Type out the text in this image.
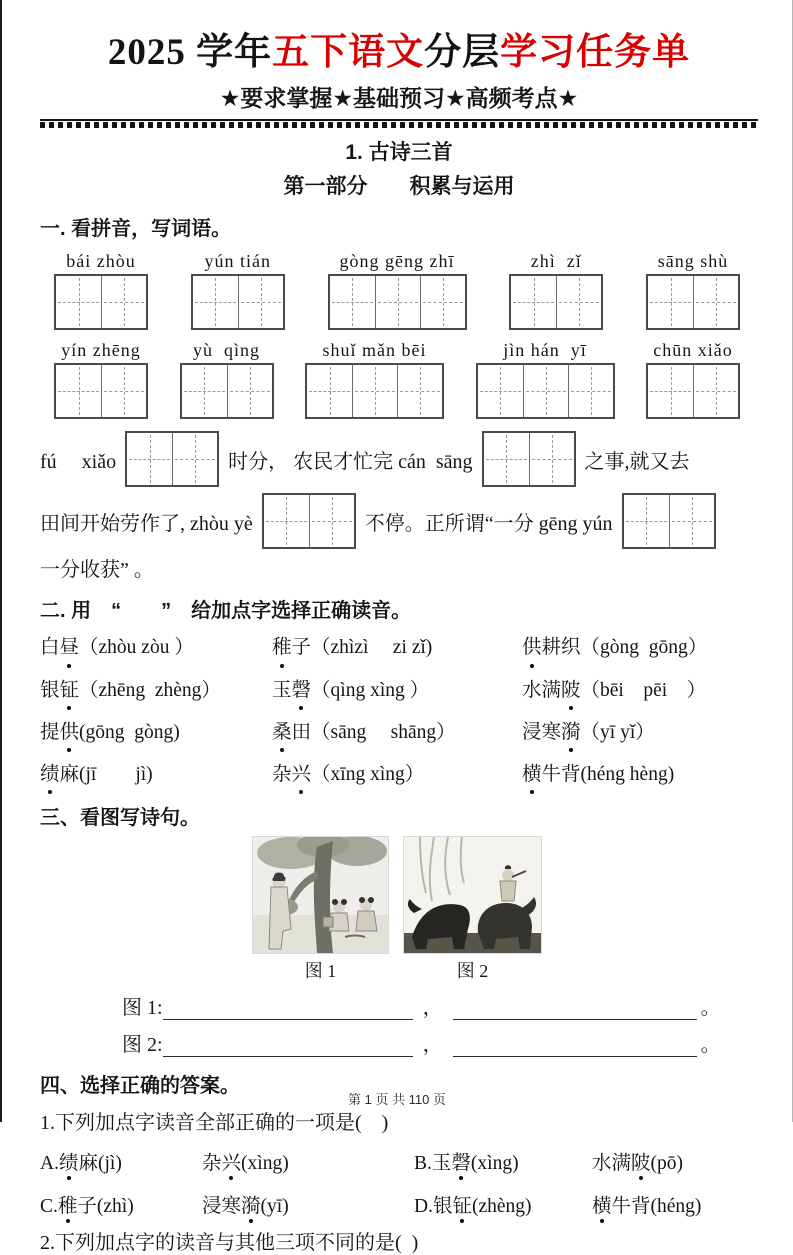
2025 学年五下语文分层学习任务单
★要求掌握★基础预习★高频考点★
1. 古诗三首
第一部分　　积累与运用
一. 看拼音，写词语。
bái zhòu	yún tián	gòng gēng zhī	zhì  zǐ	sāng shù
yín zhēng	yù  qìng	shuǐ mǎn bēi	jìn hán  yī	chūn xiǎo
fú　 xiǎo	时分， 农民才忙完 cán  sāng	之事,就又去
田间开始劳作了, zhòu yè	不停。正所谓“一分 gēng yún
一分收获” 。
二. 用　“　　”　给加点字选择正确读音。
白昼（zhòu zòu ）	稚子（zhìzì　 zi zǐ)	供耕织（gòng  gōng）
银钲（zhēng  zhèng）	玉磬（qìng xìng ）	水满陂（bēi　pēi　）
提供(gōng  gòng)	桑田（sāng　 shāng）	浸寒漪（yī yǐ）
绩麻(jī　　jì)	杂兴（xīng xìng）	横牛背(héng hèng)
三、看图写诗句。
图 1	图 2
图 1:	，	。
图 2:	，	。
四、选择正确的答案。
1.下列加点字读音全部正确的一项是(　)
A.绩麻(jì)	杂兴(xìng)	B.玉磬(xìng)	水满陂(pō)
C.稚子(zhì)	浸寒漪(yī)	D.银钲(zhèng)	横牛背(héng)
2.下列加点字的读音与其他三项不同的是(  )
第 1 页 共 110 页
